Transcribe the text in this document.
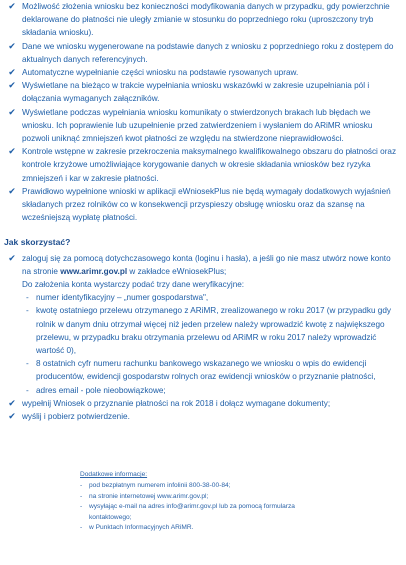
✔ Możliwość złożenia wniosku bez konieczności modyfikowania danych w przypadku, gdy powierzchnie deklarowane do płatności nie uległy zmianie w stosunku do poprzedniego roku (uproszczony tryb składania wniosku).
✔ Dane we wniosku wygenerowane na podstawie danych z wniosku z poprzedniego roku z dostępem do aktualnych danych referencyjnych.
✔ Automatyczne wypełnianie części wniosku na podstawie rysowanych upraw.
✔ Wyświetlane na bieżąco w trakcie wypełniania wniosku wskazówki w zakresie uzupełniania pól i dołączania wymaganych załączników.
✔ Wyświetlane podczas wypełniania wniosku komunikaty o stwierdzonych brakach lub błędach we wniosku. Ich poprawienie lub uzupełnienie przed zatwierdzeniem i wysłaniem do ARiMR wniosku pozwoli uniknąć zmniejszeń kwot płatności ze względu na stwierdzone nieprawidłowości.
✔ Kontrole wstępne w zakresie przekroczenia maksymalnego kwalifikowalnego obszaru do płatności oraz kontrole krzyżowe umożliwiające korygowanie danych w okresie składania wniosków bez ryzyka zmniejszeń i kar w zakresie płatności.
✔ Prawidłowo wypełnione wnioski w aplikacji eWniosekPlus nie będą wymagały dodatkowych wyjaśnień składanych przez rolników co w konsekwencji przyspieszy obsługę wniosku oraz da szansę na wcześniejszą wypłatę płatności.
Jak skorzystać?
✔ zaloguj się za pomocą dotychczasowego konta (loginu i hasła), a jeśli go nie masz utwórz nowe konto na stronie www.arimr.gov.pl w zakładce eWniosekPlus;
Do założenia konta wystarczy podać trzy dane weryfikacyjne:
- numer identyfikacyjny – „numer gospodarstwa",
- kwotę ostatniego przelewu otrzymanego z ARiMR, zrealizowanego w roku 2017 (w przypadku gdy rolnik w danym dniu otrzymał więcej niż jeden przelew należy wprowadzić kwotę z największego przelewu, w przypadku braku otrzymania przelewu od ARiMR w roku 2017 należy wprowadzić wartość 0),
- 8 ostatnich cyfr numeru rachunku bankowego wskazanego we wniosku o wpis do ewidencji producentów, ewidencji gospodarstw rolnych oraz ewidencji wniosków o przyznanie płatności,
- adres email - pole nieobowiązkowe;
✔ wypełnij Wniosek o przyznanie płatności na rok 2018 i dołącz wymagane dokumenty;
✔ wyślij i pobierz potwierdzenie.
Dodatkowe informacje:
- pod bezpłatnym numerem infolinii 800-38-00-84;
- na stronie internetowej www.arimr.gov.pl;
- wysyłając e-mail na adres info@arimr.gov.pl lub za pomocą formularza kontaktowego;
- w Punktach Informacyjnych ARiMR.
